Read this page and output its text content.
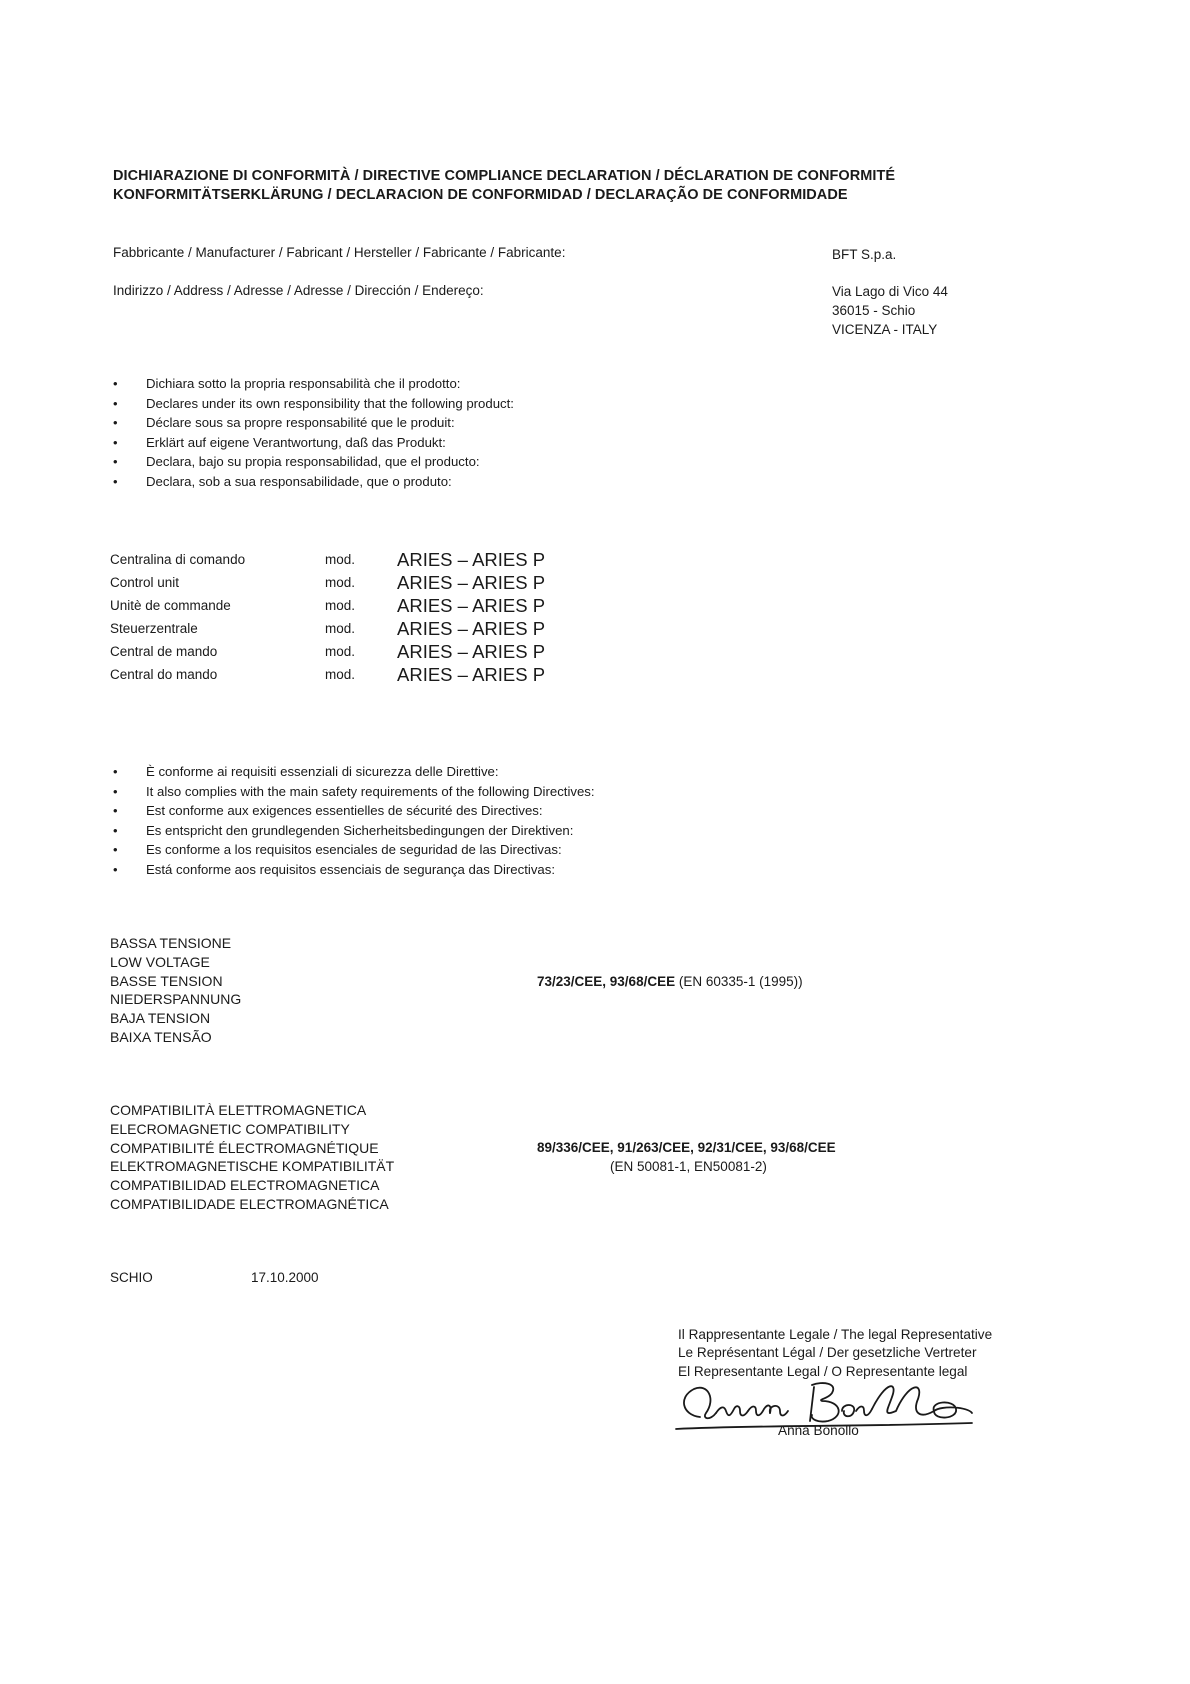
DICHIARAZIONE DI CONFORMITÀ / DIRECTIVE COMPLIANCE DECLARATION / DÉCLARATION DE CONFORMITÉ
KONFORMITÄTSERKLÄRUNG / DECLARACION DE CONFORMIDAD / DECLARAÇÃO DE CONFORMIDADE
Fabbricante / Manufacturer / Fabricant / Hersteller / Fabricante / Fabricante:	BFT S.p.a.
Indirizzo / Address / Adresse / Adresse / Dirección / Endereço:	Via Lago di Vico 44
36015 - Schio
VICENZA - ITALY
• Dichiara sotto la propria responsabilità che il prodotto:
• Declares under its own responsibility that the following product:
• Déclare sous sa propre responsabilité que le produit:
• Erklärt auf eigene Verantwortung, daß das Produkt:
• Declara, bajo su propia responsabilidad, que el producto:
• Declara, sob a sua responsabilidade, que o produto:
Centralina di comando	mod.	ARIES – ARIES P
Control unit	mod.	ARIES – ARIES P
Unitè de commande	mod.	ARIES – ARIES P
Steuerzentrale	mod.	ARIES – ARIES P
Central de mando	mod.	ARIES – ARIES P
Central do mando	mod.	ARIES – ARIES P
• È conforme ai requisiti essenziali di sicurezza delle Direttive:
• It also complies with the main safety requirements of the following Directives:
• Est conforme aux exigences essentielles de sécurité des Directives:
• Es entspricht den grundlegenden Sicherheitsbedingungen der Direktiven:
• Es conforme a los requisitos esenciales de seguridad de las Directivas:
• Está conforme aos requisitos essenciais de segurança das Directivas:
BASSA TENSIONE
LOW VOLTAGE
BASSE TENSION
NIEDERSPANNUNG
BAJA TENSION
BAIXA TENSÃO
73/23/CEE, 93/68/CEE (EN 60335-1 (1995))
COMPATIBILITÀ ELETTROMAGNETICA
ELECROMAGNETIC COMPATIBILITY
COMPATIBILITÉ ÉLECTROMAGNÉTIQUE
ELEKTROMAGNETISCHE KOMPATIBILITÄT
COMPATIBILIDAD ELECTROMAGNETICA
COMPATIBILIDADE ELECTROMAGNÉTICA
89/336/CEE, 91/263/CEE, 92/31/CEE, 93/68/CEE
(EN 50081-1, EN50081-2)
SCHIO	17.10.2000
Il Rappresentante Legale / The legal Representative
Le Représentant Légal / Der gesetzliche Vertreter
El Representante Legal / O Representante legal
Anna Bonollo
